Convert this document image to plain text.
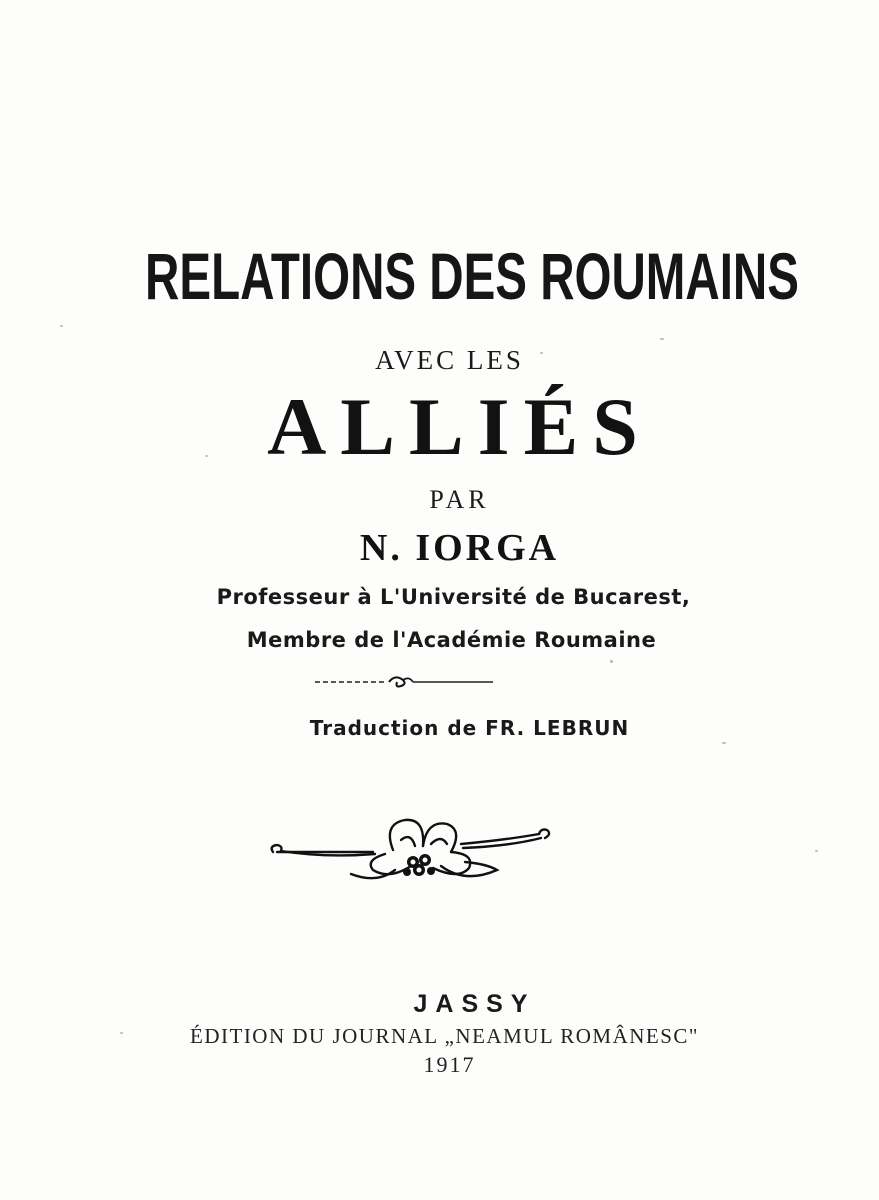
RELATIONS DES ROUMAINS
AVEC LES
ALLIÉS
PAR
N. IORGA
Professeur à L'Université de Bucarest,
Membre de l'Académie Roumaine
Traduction de FR. LEBRUN
JASSY
ÉDITION DU JOURNAL „NEAMUL ROMÂNESC"
1917
